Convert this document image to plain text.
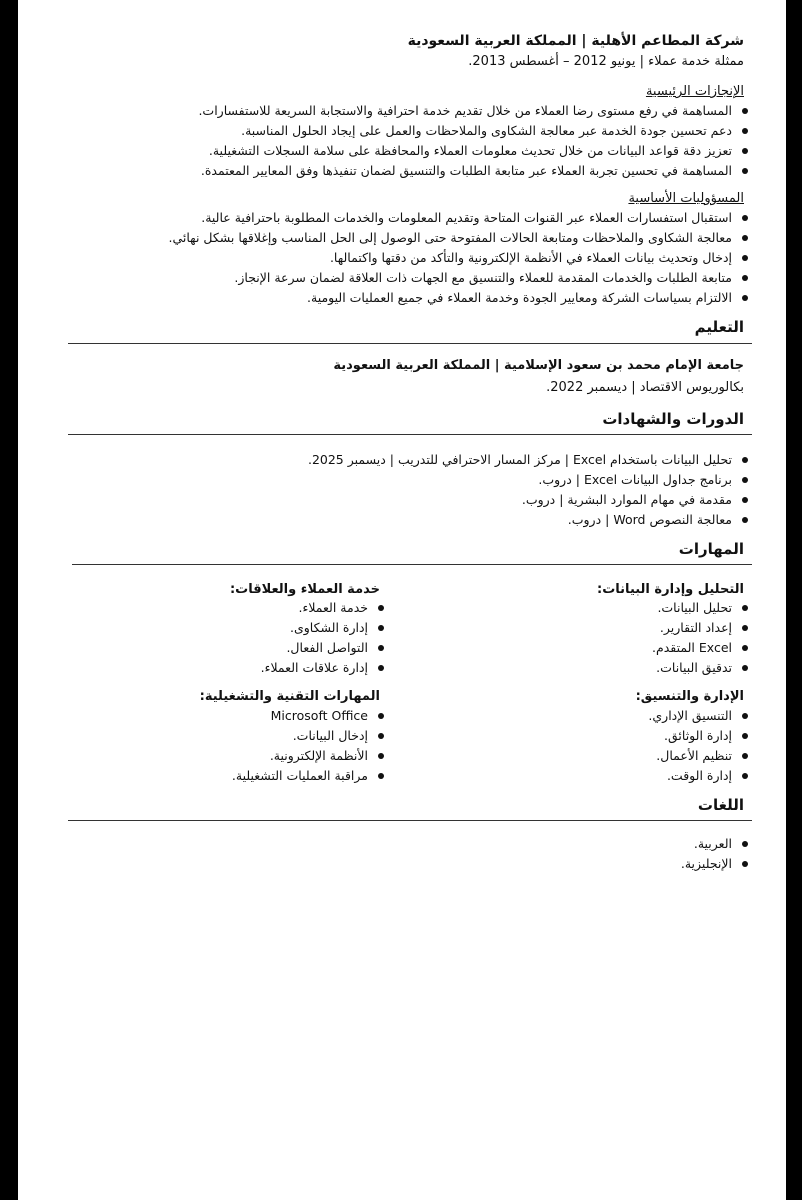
شركة المطاعم الأهلية | المملكة العربية السعودية
ممثلة خدمة عملاء | يونيو 2012 – أغسطس 2013.
الإنجازات الرئيسية
المساهمة في رفع مستوى رضا العملاء من خلال تقديم خدمة احترافية والاستجابة السريعة للاستفسارات.
دعم تحسين جودة الخدمة عبر معالجة الشكاوى والملاحظات والعمل على إيجاد الحلول المناسبة.
تعزيز دقة قواعد البيانات من خلال تحديث معلومات العملاء والمحافظة على سلامة السجلات التشغيلية.
المساهمة في تحسين تجربة العملاء عبر متابعة الطلبات والتنسيق لضمان تنفيذها وفق المعايير المعتمدة.
المسؤوليات الأساسية
استقبال استفسارات العملاء عبر القنوات المتاحة وتقديم المعلومات والخدمات المطلوبة باحترافية عالية.
معالجة الشكاوى والملاحظات ومتابعة الحالات المفتوحة حتى الوصول إلى الحل المناسب وإغلاقها بشكل نهائي.
إدخال وتحديث بيانات العملاء في الأنظمة الإلكترونية والتأكد من دقتها واكتمالها.
متابعة الطلبات والخدمات المقدمة للعملاء والتنسيق مع الجهات ذات العلاقة لضمان سرعة الإنجاز.
الالتزام بسياسات الشركة ومعايير الجودة وخدمة العملاء في جميع العمليات اليومية.
التعليم
جامعة الإمام محمد بن سعود الإسلامية | المملكة العربية السعودية
بكالوريوس الاقتصاد | ديسمبر 2022.
الدورات والشهادات
تحليل البيانات باستخدام Excel | مركز المسار الاحترافي للتدريب | ديسمبر 2025.
برنامج جداول البيانات Excel | دروب.
مقدمة في مهام الموارد البشرية | دروب.
معالجة النصوص Word | دروب.
المهارات
التحليل وإدارة البيانات:
تحليل البيانات.
إعداد التقارير.
Excel المتقدم.
تدقيق البيانات.
خدمة العملاء والعلاقات:
خدمة العملاء.
إدارة الشكاوى.
التواصل الفعال.
إدارة علاقات العملاء.
الإدارة والتنسيق:
التنسيق الإداري.
إدارة الوثائق.
تنظيم الأعمال.
إدارة الوقت.
المهارات التقنية والتشغيلية:
Microsoft Office
إدخال البيانات.
الأنظمة الإلكترونية.
مراقبة العمليات التشغيلية.
اللغات
العربية.
الإنجليزية.
